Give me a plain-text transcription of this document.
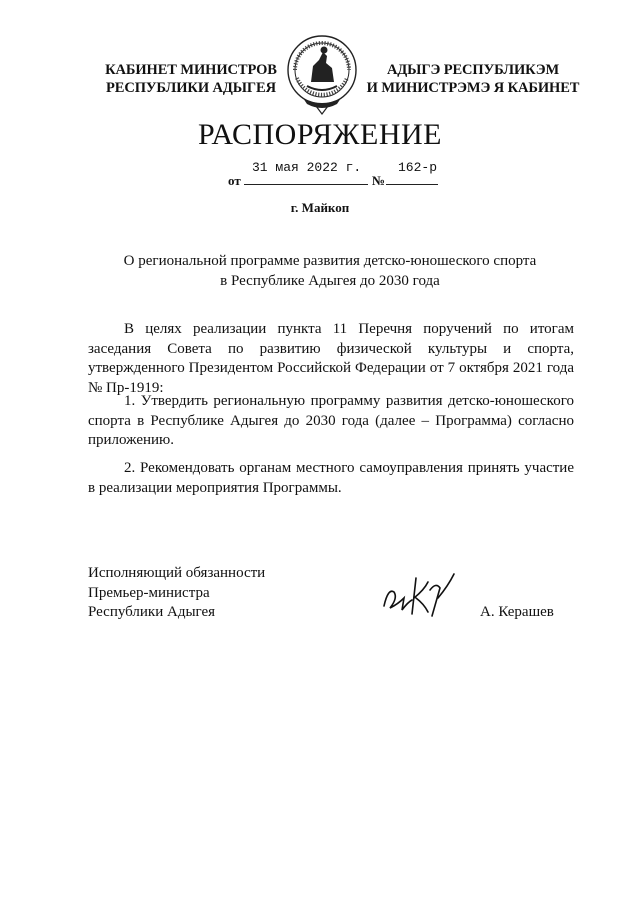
КАБИНЕТ МИНИСТРОВ
РЕСПУБЛИКИ АДЫГЕЯ
АДЫГЭ РЕСПУБЛИКЭМ
И МИНИСТРЭМЭ Я КАБИНЕТ
РАСПОРЯЖЕНИЕ
31 мая 2022 г.	162-р
от	№
г. Майкоп
О региональной программе развития детско-юношеского спорта
в Республике Адыгея до 2030 года
В целях реализации пункта 11 Перечня поручений по итогам заседания Совета по развитию физической культуры и спорта, утвержденного Президентом Российской Федерации от 7 октября 2021 года № Пр-1919:
1. Утвердить региональную программу развития детско-юношеского спорта в Республике Адыгея до 2030 года (далее – Программа) согласно приложению.
2. Рекомендовать органам местного самоуправления принять участие в реализации мероприятия Программы.
Исполняющий обязанности
Премьер-министра
Республики Адыгея	А. Керашев
